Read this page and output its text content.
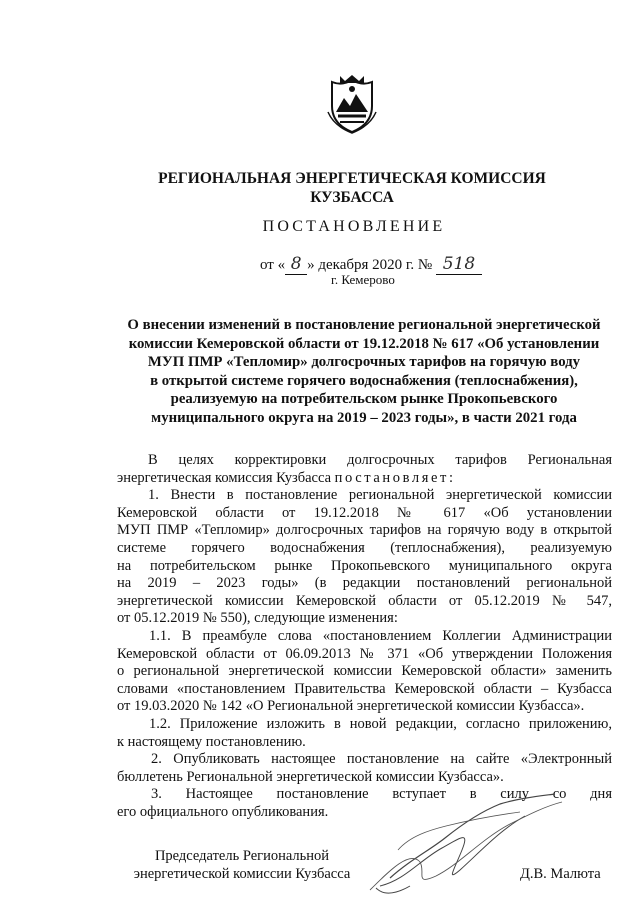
РЕГИОНАЛЬНАЯ ЭНЕРГЕТИЧЕСКАЯ КОМИССИЯ
КУЗБАССА
ПОСТАНОВЛЕНИЕ
от « 8 » декабря 2020 г. № 518
г. Кемерово
О внесении изменений в постановление региональной энергетической
комиссии Кемеровской области от 19.12.2018 № 617 «Об установлении
МУП ПМР «Тепломир» долгосрочных тарифов на горячую воду
в открытой системе горячего водоснабжения (теплоснабжения),
реализуемую на потребительском рынке Прокопьевского
муниципального округа на 2019 – 2023 годы», в части 2021 года
В целях корректировки долгосрочных тарифов Региональная
энергетическая комиссия Кузбасса постановляет:
1. Внести в постановление региональной энергетической комиссии
Кемеровской области от 19.12.2018 № 617 «Об установлении
МУП ПМР «Тепломир» долгосрочных тарифов на горячую воду в открытой
системе горячего водоснабжения (теплоснабжения), реализуемую
на потребительском рынке Прокопьевского муниципального округа
на 2019 – 2023 годы» (в редакции постановлений региональной
энергетической комиссии Кемеровской области от 05.12.2019 № 547,
от 05.12.2019 № 550), следующие изменения:
1.1. В преамбуле слова «постановлением Коллегии Администрации
Кемеровской области от 06.09.2013 № 371 «Об утверждении Положения
о региональной энергетической комиссии Кемеровской области» заменить
словами «постановлением Правительства Кемеровской области – Кузбасса
от 19.03.2020 № 142 «О Региональной энергетической комиссии Кузбасса».
1.2. Приложение изложить в новой редакции, согласно приложению,
к настоящему постановлению.
2. Опубликовать настоящее постановление на сайте «Электронный
бюллетень Региональной энергетической комиссии Кузбасса».
3. Настоящее постановление вступает в силу со дня
его официального опубликования.
Председатель Региональной
энергетической комиссии Кузбасса	Д.В. Малюта
